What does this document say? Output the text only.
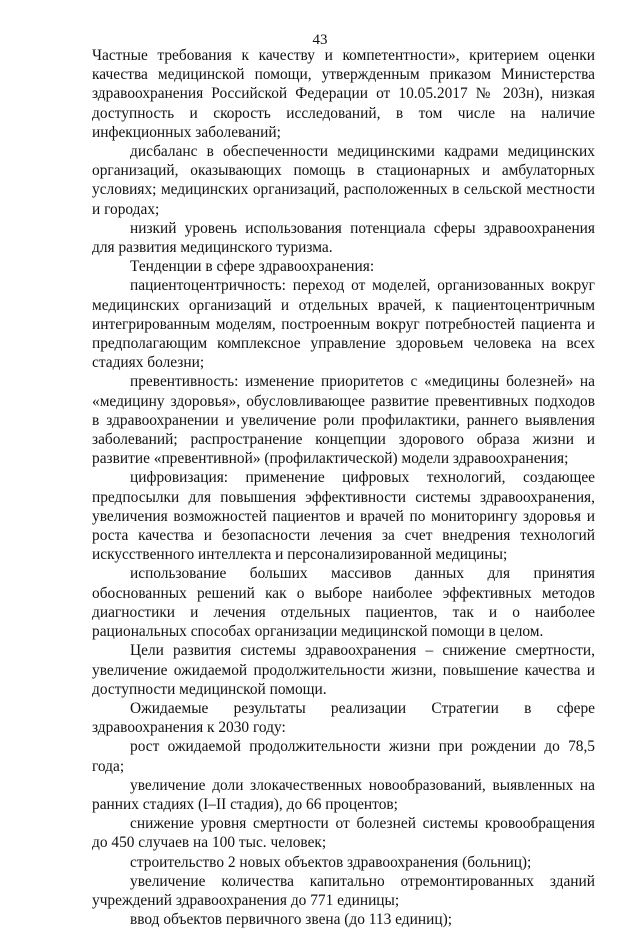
43

Частные требования к качеству и компетентности», критерием оценки качества медицинской помощи, утвержденным приказом Министерства здравоохранения Российской Федерации от 10.05.2017 № 203н), низкая доступность и скорость исследований, в том числе на наличие инфекционных заболеваний;

дисбаланс в обеспеченности медицинскими кадрами медицинских организаций, оказывающих помощь в стационарных и амбулаторных условиях; медицинских организаций, расположенных в сельской местности и городах;

низкий уровень использования потенциала сферы здравоохранения для развития медицинского туризма.

Тенденции в сфере здравоохранения:

пациентоцентричность: переход от моделей, организованных вокруг медицинских организаций и отдельных врачей, к пациентоцентричным интегрированным моделям, построенным вокруг потребностей пациента и предполагающим комплексное управление здоровьем человека на всех стадиях болезни;

превентивность: изменение приоритетов с «медицины болезней» на «медицину здоровья», обусловливающее развитие превентивных подходов в здравоохранении и увеличение роли профилактики, раннего выявления заболеваний; распространение концепции здорового образа жизни и развитие «превентивной» (профилактической) модели здравоохранения;

цифровизация: применение цифровых технологий, создающее предпосылки для повышения эффективности системы здравоохранения, увеличения возможностей пациентов и врачей по мониторингу здоровья и роста качества и безопасности лечения за счет внедрения технологий искусственного интеллекта и персонализированной медицины;

использование больших массивов данных для принятия обоснованных решений как о выборе наиболее эффективных методов диагностики и лечения отдельных пациентов, так и о наиболее рациональных способах организации медицинской помощи в целом.

Цели развития системы здравоохранения – снижение смертности, увеличение ожидаемой продолжительности жизни, повышение качества и доступности медицинской помощи.

Ожидаемые результаты реализации Стратегии в сфере здравоохранения к 2030 году:

рост ожидаемой продолжительности жизни при рождении до 78,5 года;

увеличение доли злокачественных новообразований, выявленных на ранних стадиях (I–II стадия), до 66 процентов;

снижение уровня смертности от болезней системы кровообращения до 450 случаев на 100 тыс. человек;

строительство 2 новых объектов здравоохранения (больниц);

увеличение количества капитально отремонтированных зданий учреждений здравоохранения до 771 единицы;

ввод объектов первичного звена (до 113 единиц);
